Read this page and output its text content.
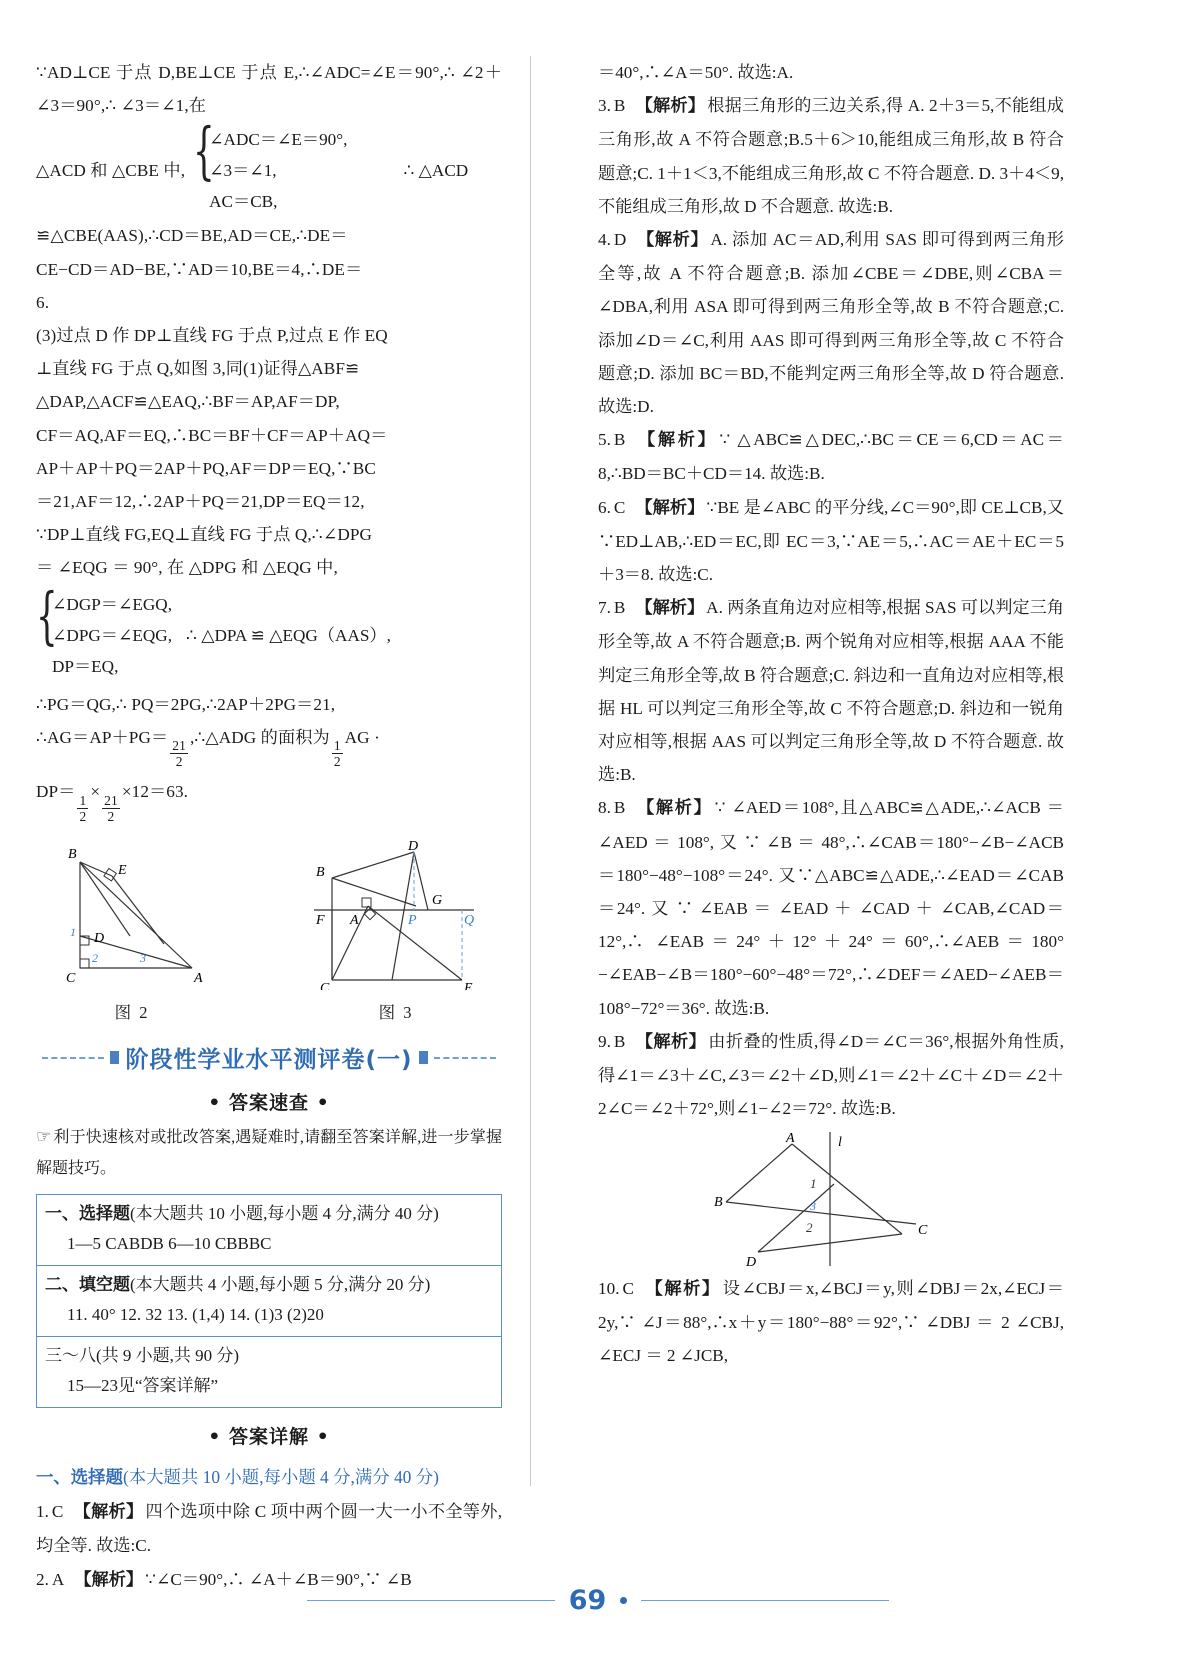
∵AD⊥CE 于点 D,BE⊥CE 于点 E,∴∠ADC=∠E＝90°,∴ ∠2＋∠3＝90°,∴ ∠3＝∠1,在
△ACD 和 △CBE 中, {
∠ADC＝∠E＝90°,
∠3＝∠1,
AC＝CB,
∴ △ACD
≌△CBE(AAS),∴CD＝BE,AD＝CE,∴DE＝
CE−CD＝AD−BE,∵AD＝10,BE＝4,∴DE＝
6.
(3)过点 D 作 DP⊥直线 FG 于点 P,过点 E 作 EQ
⊥直线 FG 于点 Q,如图 3,同(1)证得△ABF≌
△DAP,△ACF≌△EAQ,∴BF＝AP,AF＝DP,
CF＝AQ,AF＝EQ,∴BC＝BF＋CF＝AP＋AQ＝
AP＋AP＋PQ＝2AP＋PQ,AF＝DP＝EQ,∵BC
＝21,AF＝12,∴2AP＋PQ＝21,DP＝EQ＝12,
∵DP⊥直线 FG,EQ⊥直线 FG 于点 Q,∴∠DPG
＝ ∠EQG ＝ 90°, 在 △DPG 和 △EQG 中,
{
∠DGP＝∠EGQ,
∠DPG＝∠EQG, ∴ △DPA ≌ △EQG（AAS）,
DP＝EQ,
∴PG＝QG,∴ PQ＝2PG,∴2AP＋2PG＝21,
∴AG＝AP＋PG＝
$\frac{21}{2}$
,∴△ADG 的面积为
$\frac{1}{2}$
AG ·
DP＝
$\frac{1}{2}$
×
$\frac{21}{2}$
×12＝63.
B
E
D
C	A
1
2	3
图 2
D
B
G
F A	P	Q
C	E
图 3
阶段性学业水平测评卷(一)
• 答案速查 •
☞ 利于快速核对或批改答案,遇疑难时,请翻至答案详解,进一步掌握解题技巧。
一、选择题(本大题共 10 小题,每小题 4 分,满分 40 分)
1—5 CABDB 6—10 CBBBC
二、填空题(本大题共 4 小题,每小题 5 分,满分 20 分)
11. 40° 12. 32 13. (1,4) 14. (1)3 (2)20
三～八(共 9 小题,共 90 分)
15—23见“答案详解”
• 答案详解 •
一、选择题(本大题共 10 小题,每小题 4 分,满分 40 分)
1. C 【解析】 四个选项中除 C 项中两个圆一大一小不全等外,均全等. 故选:C.
2. A 【解析】 ∵∠C＝90°,∴ ∠A＋∠B＝90°,∵ ∠B
＝40°,∴∠A＝50°. 故选:A.
3. B 【解析】 根据三角形的三边关系,得 A. 2＋3＝5,不能组成三角形,故 A 不符合题意;B.5＋6＞10,能组成三角形,故 B 符合题意;C. 1＋1＜3,不能组成三角形,故 C 不符合题意. D. 3＋4＜9,不能组成三角形,故 D 不合题意. 故选:B.
4. D 【解析】 A. 添加 AC＝AD,利用 SAS 即可得到两三角形全等,故 A 不符合题意;B. 添加∠CBE＝∠DBE,则∠CBA＝∠DBA,利用 ASA 即可得到两三角形全等,故 B 不符合题意;C. 添加∠D＝∠C,利用 AAS 即可得到两三角形全等,故 C 不符合题意;D. 添加 BC＝BD,不能判定两三角形全等,故 D 符合题意. 故选:D.
5. B 【解析】 ∵ △ABC≌△DEC,∴BC＝CE＝6,CD＝AC＝8,∴BD＝BC＋CD＝14. 故选:B.
6. C 【解析】 ∵BE 是∠ABC 的平分线,∠C＝90°,即 CE⊥CB,又∵ED⊥AB,∴ED＝EC,即 EC＝3,∵AE＝5,∴AC＝AE＋EC＝5＋3＝8. 故选:C.
7. B 【解析】 A. 两条直角边对应相等,根据 SAS 可以判定三角形全等,故 A 不符合题意;B. 两个锐角对应相等,根据 AAA 不能判定三角形全等,故 B 符合题意;C. 斜边和一直角边对应相等,根据 HL 可以判定三角形全等,故 C 不符合题意;D. 斜边和一锐角对应相等,根据 AAS 可以判定三角形全等,故 D 不符合题意. 故选:B.
8. B 【解析】 ∵ ∠AED＝108°,且△ABC≌△ADE,∴∠ACB ＝ ∠AED ＝ 108°, 又 ∵ ∠B ＝ 48°,∴∠CAB＝180°−∠B−∠ACB＝180°−48°−108°＝24°. 又∵△ABC≌△ADE,∴∠EAD＝∠CAB＝24°. 又 ∵ ∠EAB ＝ ∠EAD ＋ ∠CAD ＋ ∠CAB,∠CAD＝12°,∴ ∠EAB＝24°＋12°＋24°＝60°,∴∠AEB＝180°−∠EAB−∠B＝180°−60°−48°＝72°,∴∠DEF＝∠AED−∠AEB＝108°−72°＝36°. 故选:B.
9. B 【解析】 由折叠的性质,得∠D＝∠C＝36°,根据外角性质,得∠1＝∠3＋∠C,∠3＝∠2＋∠D,则∠1＝∠2＋∠C＋∠D＝∠2＋2∠C＝∠2＋72°,则∠1−∠2＝72°. 故选:B.
A	l
1
B	3
2
D
C
10. C 【解析】 设∠CBJ＝x,∠BCJ＝y,则∠DBJ＝2x,∠ECJ＝2y,∵ ∠J＝88°,∴x＋y＝180°−88°＝92°,∵ ∠DBJ ＝ 2 ∠CBJ, ∠ECJ ＝ 2 ∠JCB,
69
